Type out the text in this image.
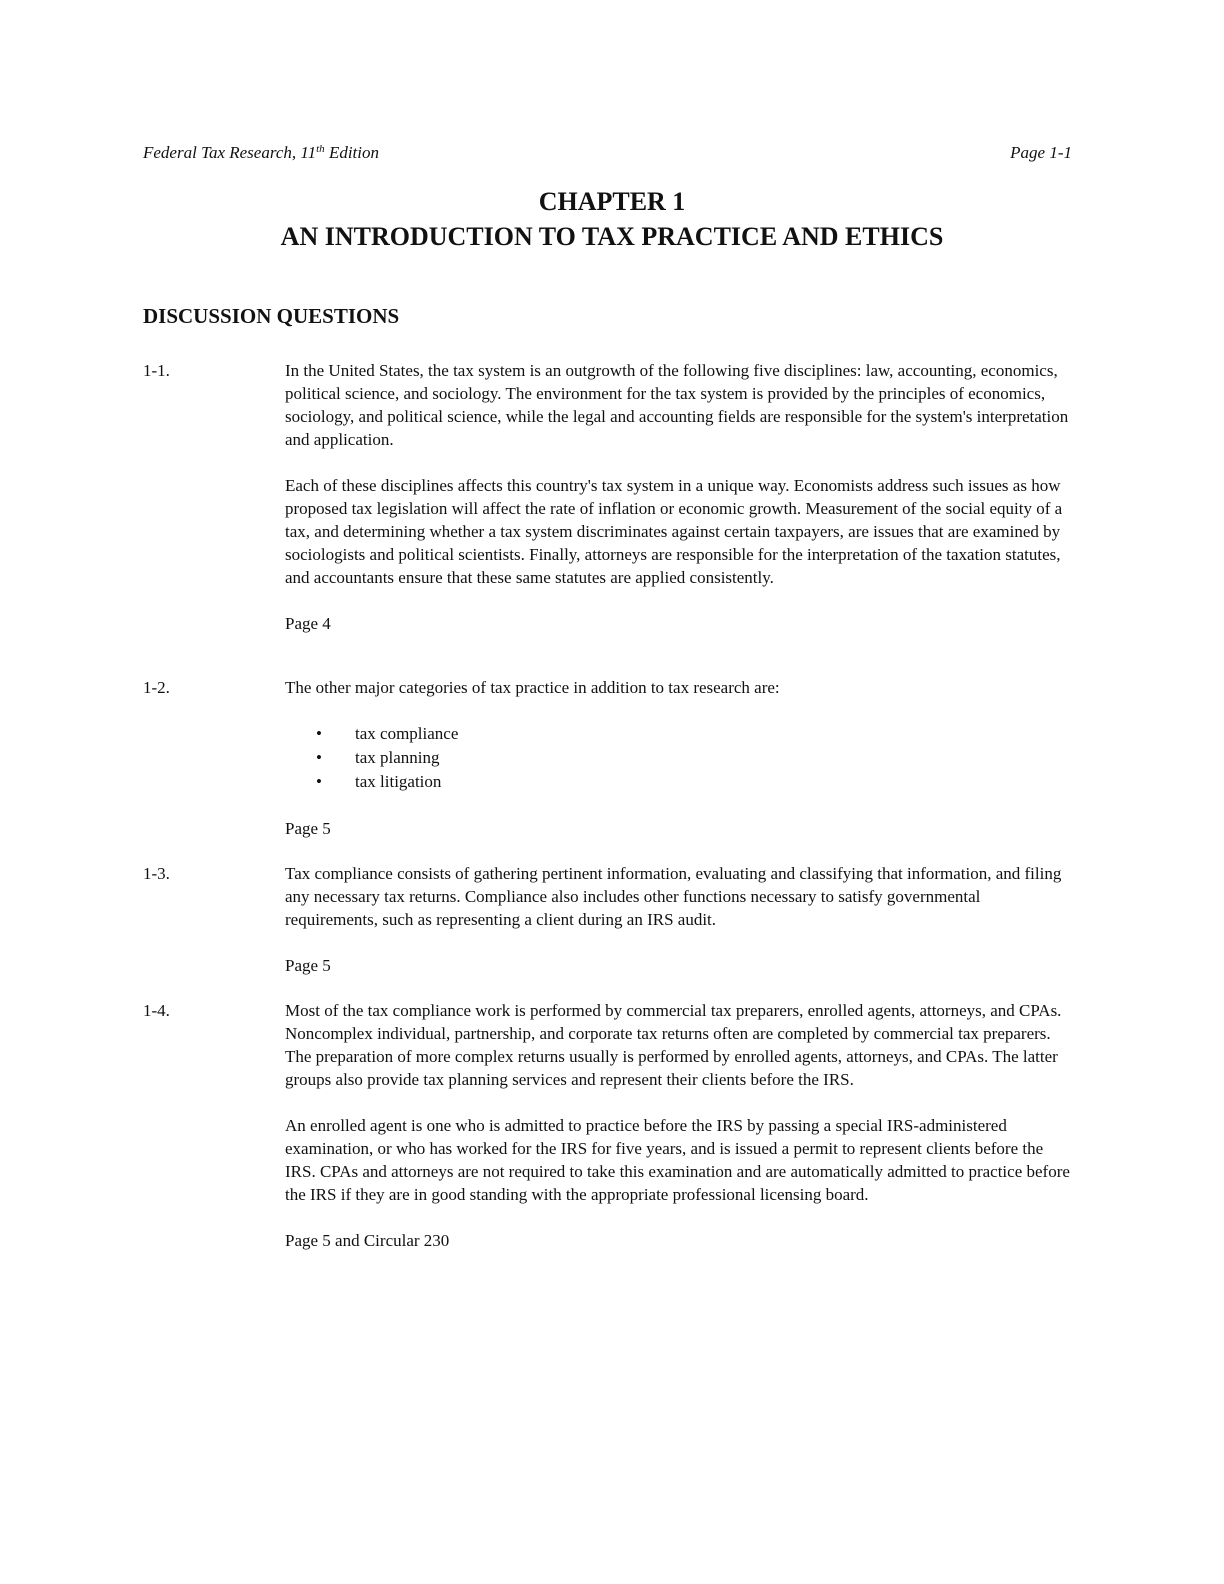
Federal Tax Research, 11th Edition	Page 1-1
CHAPTER 1
AN INTRODUCTION TO TAX PRACTICE AND ETHICS
DISCUSSION QUESTIONS
1-1.	In the United States, the tax system is an outgrowth of the following five disciplines: law, accounting, economics, political science, and sociology. The environment for the tax system is provided by the principles of economics, sociology, and political science, while the legal and accounting fields are responsible for the system's interpretation and application.

Each of these disciplines affects this country's tax system in a unique way. Economists address such issues as how proposed tax legislation will affect the rate of inflation or economic growth. Measurement of the social equity of a tax, and determining whether a tax system discriminates against certain taxpayers, are issues that are examined by sociologists and political scientists. Finally, attorneys are responsible for the interpretation of the taxation statutes, and accountants ensure that these same statutes are applied consistently.

Page 4

1-2.	The other major categories of tax practice in addition to tax research are:

• tax compliance
• tax planning
• tax litigation

Page 5

1-3.	Tax compliance consists of gathering pertinent information, evaluating and classifying that information, and filing any necessary tax returns. Compliance also includes other functions necessary to satisfy governmental requirements, such as representing a client during an IRS audit.

Page 5

1-4.	Most of the tax compliance work is performed by commercial tax preparers, enrolled agents, attorneys, and CPAs. Noncomplex individual, partnership, and corporate tax returns often are completed by commercial tax preparers. The preparation of more complex returns usually is performed by enrolled agents, attorneys, and CPAs. The latter groups also provide tax planning services and represent their clients before the IRS.

An enrolled agent is one who is admitted to practice before the IRS by passing a special IRS-administered examination, or who has worked for the IRS for five years, and is issued a permit to represent clients before the IRS. CPAs and attorneys are not required to take this examination and are automatically admitted to practice before the IRS if they are in good standing with the appropriate professional licensing board.

Page 5 and Circular 230
